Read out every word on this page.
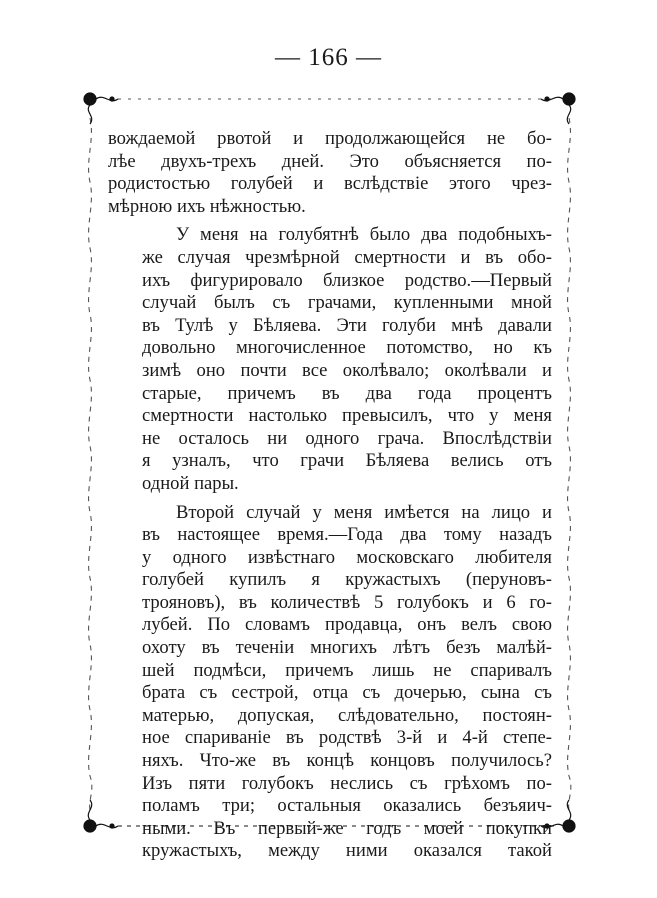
— 166 —
вождаемой рвотой и продолжающейся не бо-
лѣе двухъ-трехъ дней. Это объясняется по-
родистостью голубей и вслѣдствiе этого чрез-
мѣрною ихъ нѣжностью.
У меня на голубятнѣ было два подобныхъ-
же случая чрезмѣрной смертности и въ обо-
ихъ фигурировало близкое родство.—Первый
случай былъ съ грачами, купленными мной
въ Тулѣ у Бѣляева. Эти голуби мнѣ давали
довольно многочисленное потомство, но къ
зимѣ оно почти все околѣвало; околѣвали и
старые, причемъ въ два года процентъ
смертности настолько превысилъ, что у меня
не осталось ни одного грача. Впослѣдствiи
я узналъ, что грачи Бѣляева велись отъ
одной пары.
Второй случай у меня имѣется на лицо и
въ настоящее время.—Года два тому назадъ
у одного извѣстнаго московскаго любителя
голубей купилъ я кружастыхъ (перуновъ-
трояновъ), въ количествѣ 5 голубокъ и 6 го-
лубей. По словамъ продавца, онъ велъ свою
охоту въ теченiи многихъ лѣтъ безъ малѣй-
шей подмѣси, причемъ лишь не спаривалъ
брата съ сестрой, отца съ дочерью, сына съ
матерью, допуская, слѣдовательно, постоян-
ное спариванiе въ родствѣ 3-й и 4-й степе-
няхъ. Что-же въ концѣ концовъ получилось?
Изъ пяти голубокъ неслись съ грѣхомъ по-
поламъ три; остальныя оказались безъяич-
ными. Въ первый-же годъ моей покупки
кружастыхъ, между ними оказался такой
